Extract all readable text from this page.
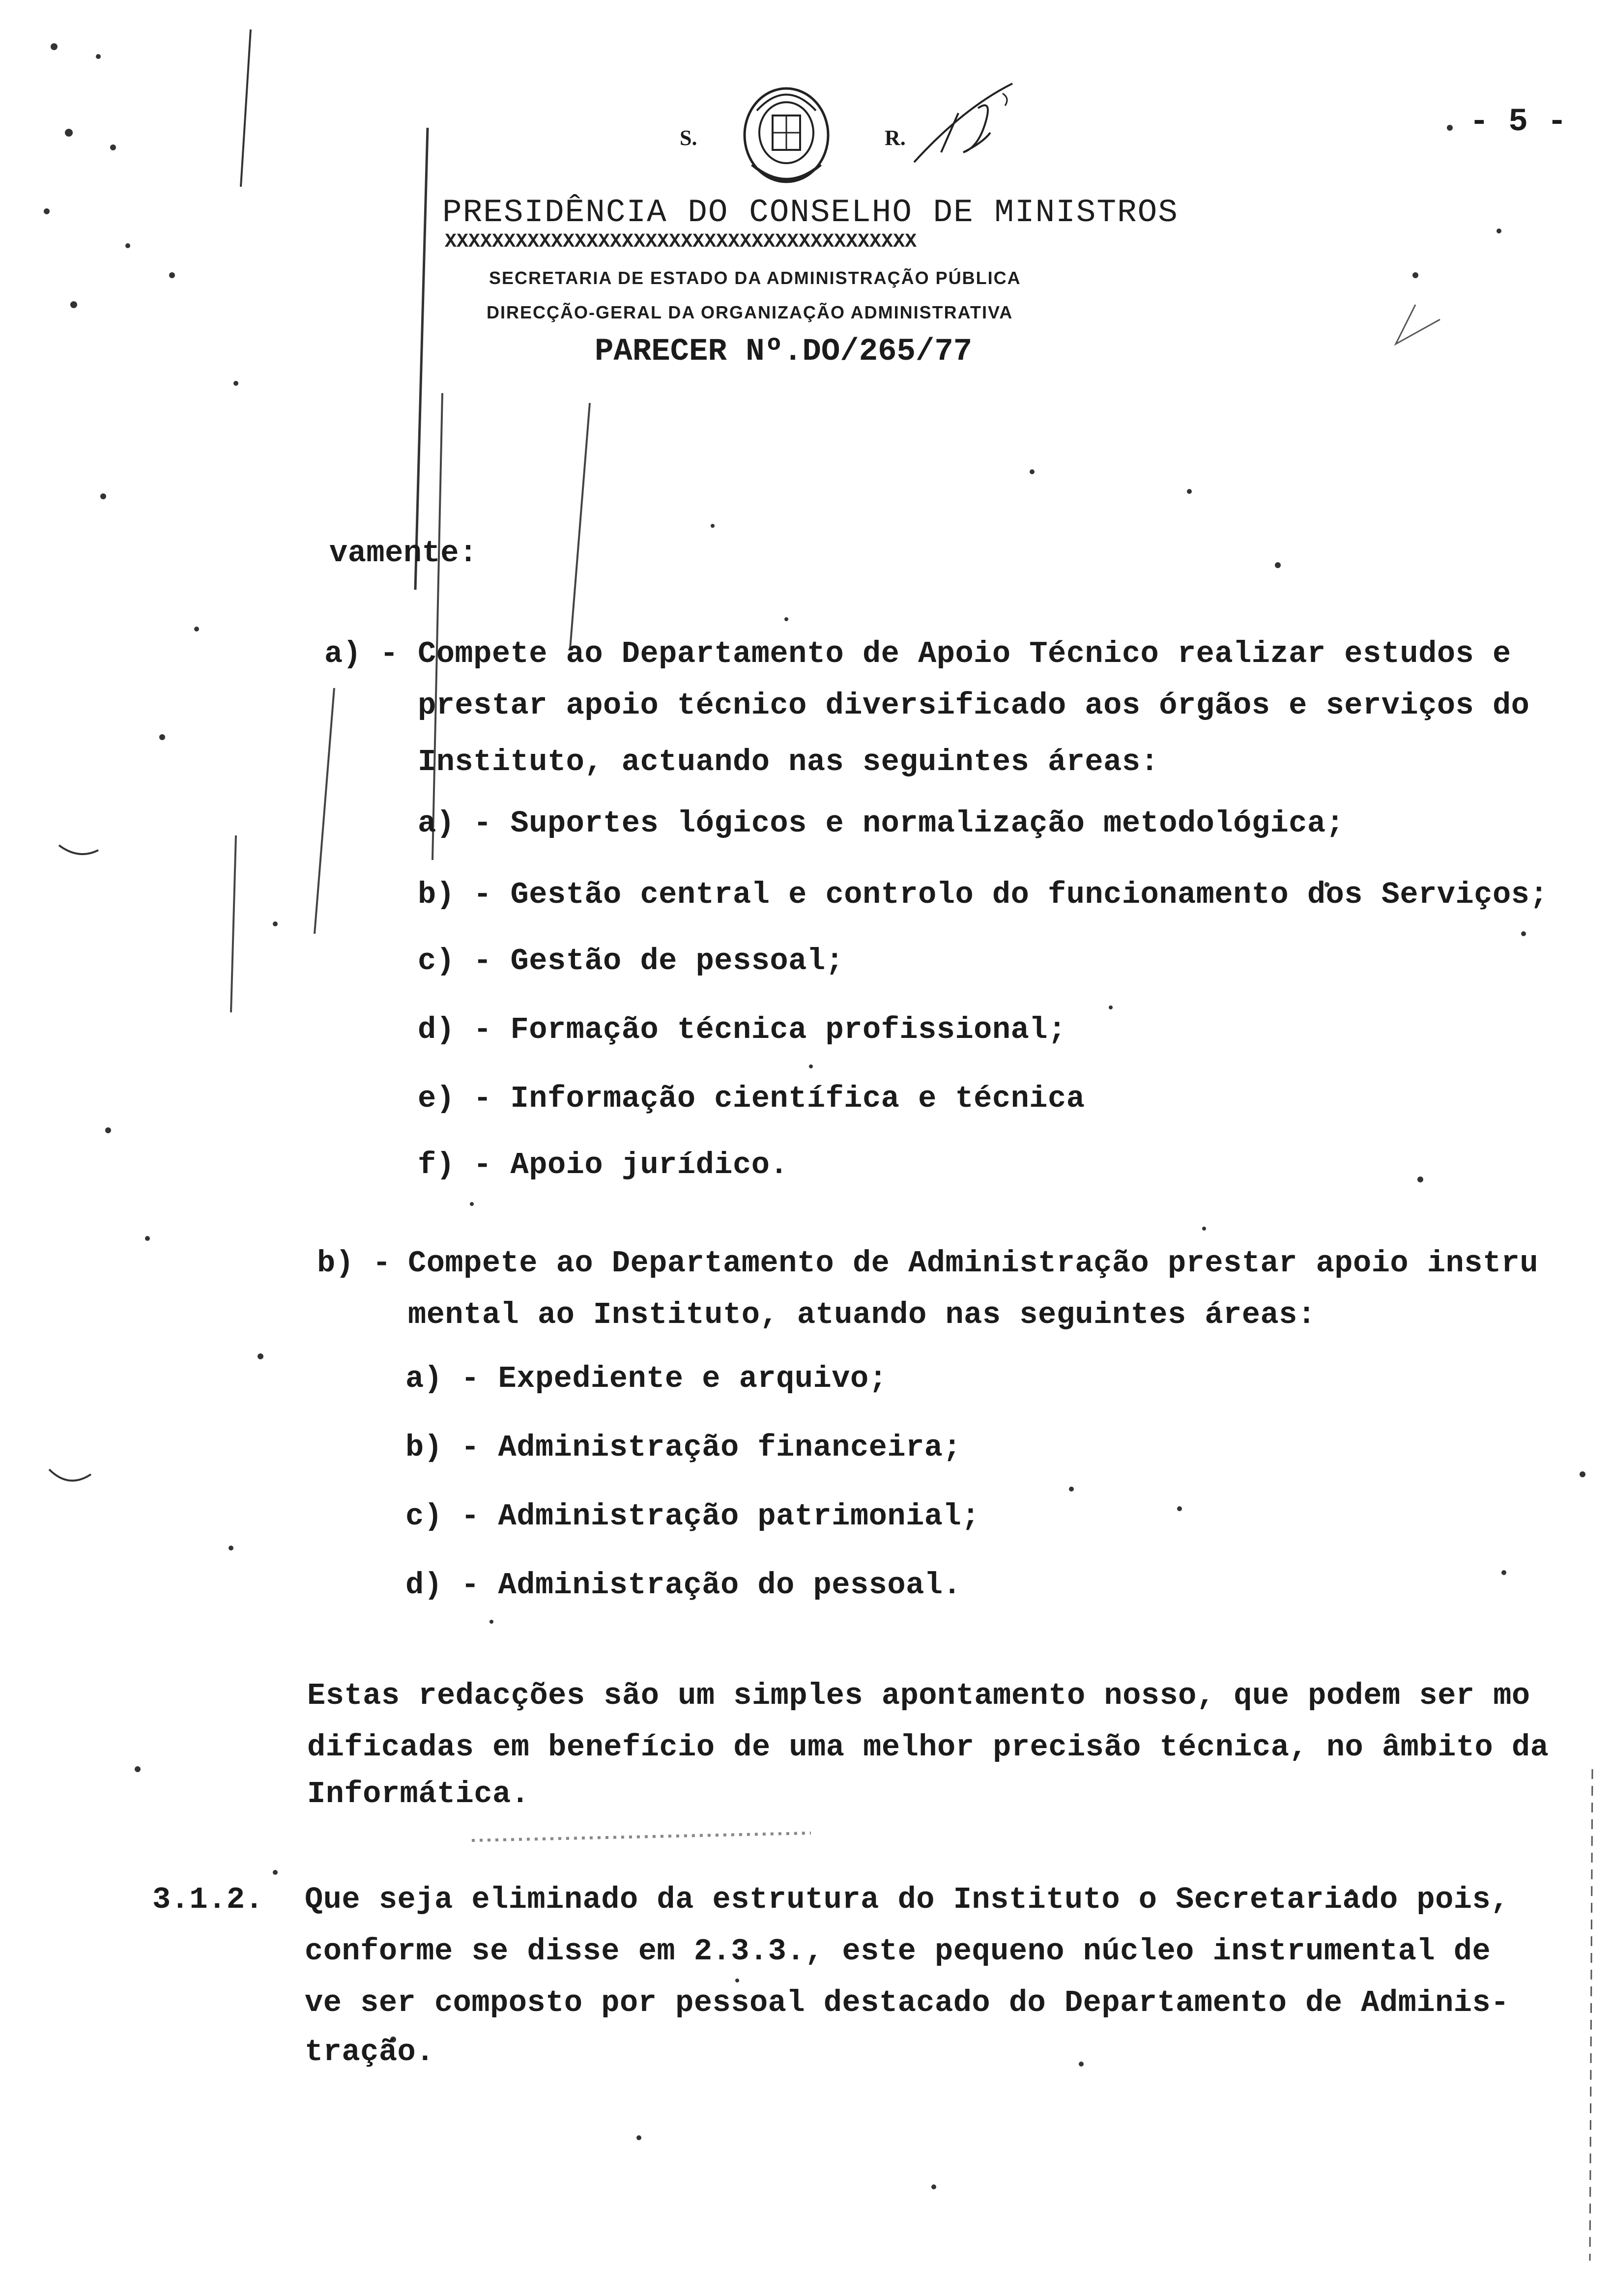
- 5 -
S.	R.
PRESIDÊNCIA DO CONSELHO DE MINISTROS
XXXXXXXXXXXXXXXXXXXXXXXXXXXXXXXXXXXXXXXX
SECRETARIA DE ESTADO DA ADMINISTRAÇÃO PÚBLICA
DIRECÇÃO-GERAL DA ORGANIZAÇÃO ADMINISTRATIVA
PARECER Nº.DO/265/77
vamente:
a) - Compete ao Departamento de Apoio Técnico realizar estudos e
prestar apoio técnico diversificado aos órgãos e serviços do
Instituto, actuando nas seguintes áreas:
a) - Suportes lógicos e normalização metodológica;
b) - Gestão central e controlo do funcionamento dos Serviços;
c) - Gestão de pessoal;
d) - Formação técnica profissional;
e) - Informação científica e técnica
f) - Apoio jurídico.
b) - Compete ao Departamento de Administração prestar apoio instru
mental ao Instituto, atuando nas seguintes áreas:
a) - Expediente e arquivo;
b) - Administração financeira;
c) - Administração patrimonial;
d) - Administração do pessoal.
Estas redacções são um simples apontamento nosso, que podem ser mo
dificadas em benefício de uma melhor precisão técnica, no âmbito da
Informática.
3.1.2. Que seja eliminado da estrutura do Instituto o Secretariado pois,
conforme se disse em 2.3.3., este pequeno núcleo instrumental de
ve ser composto por pessoal destacado do Departamento de Adminis-
tração.
